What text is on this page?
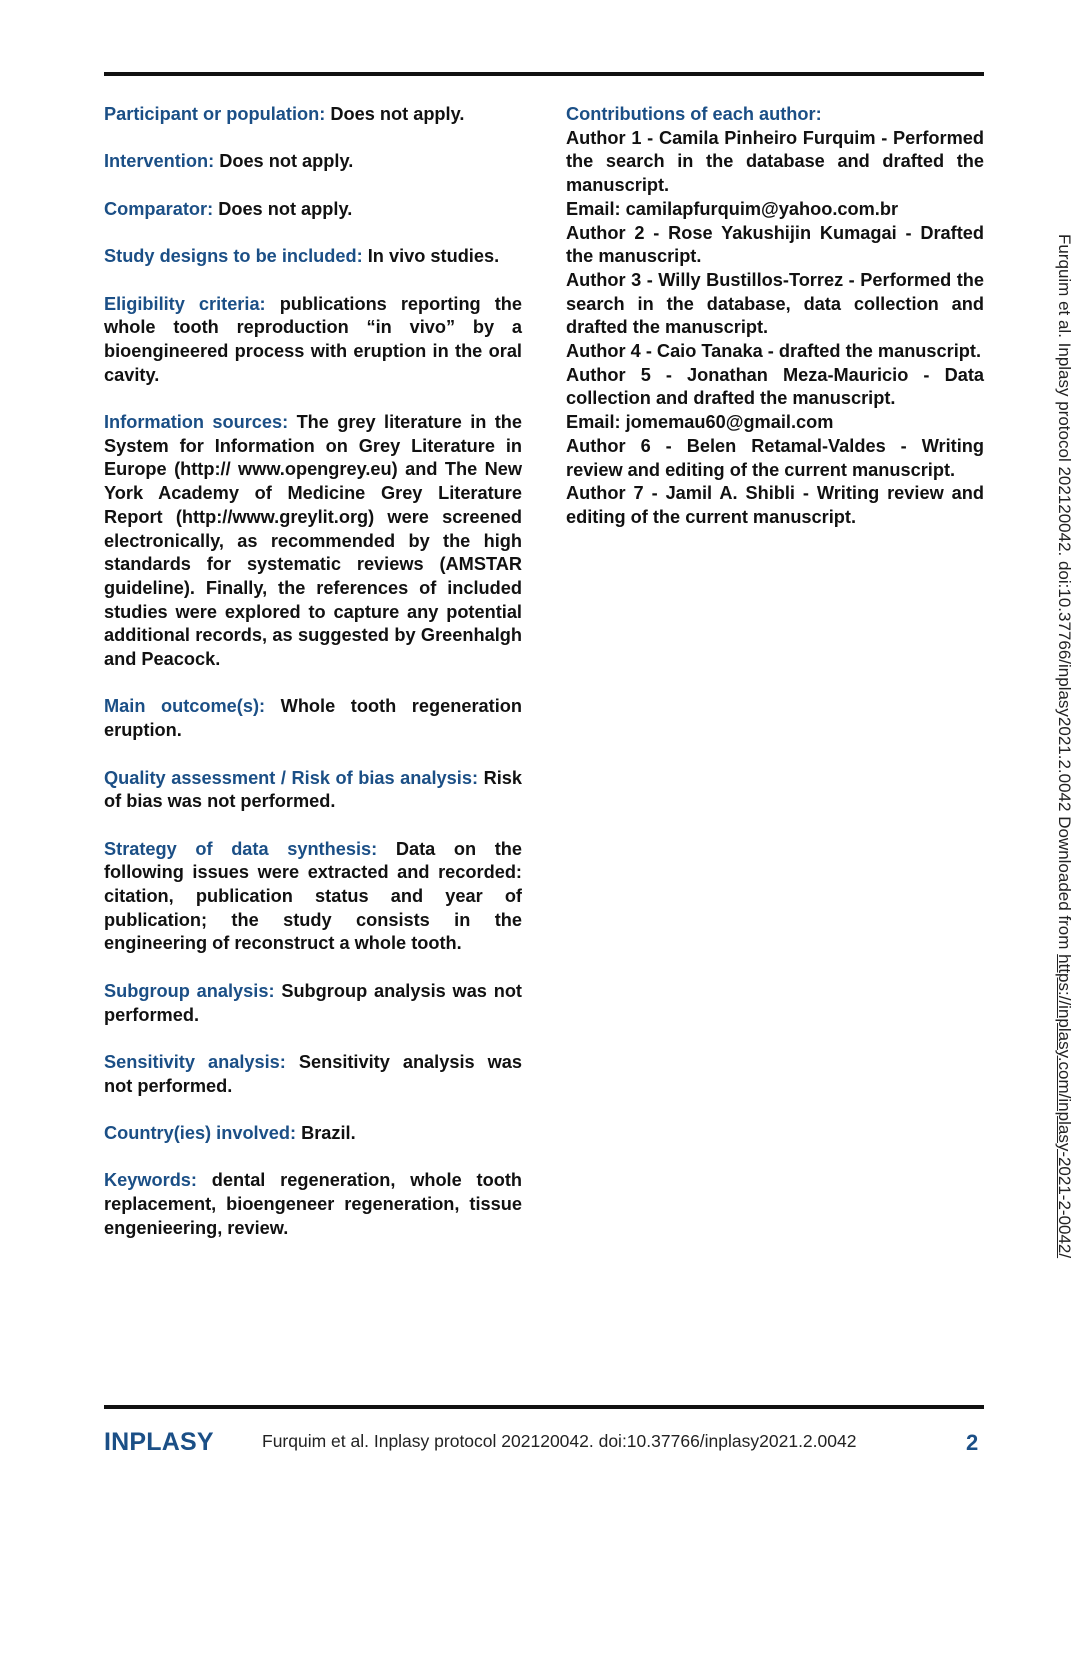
Participant or population: Does not apply.

Intervention: Does not apply.

Comparator: Does not apply.

Study designs to be included: In vivo studies.

Eligibility criteria: publications reporting the whole tooth reproduction “in vivo” by a bioengineered process with eruption in the oral cavity.

Information sources: The grey literature in the System for Information on Grey Literature in Europe (http:// www.opengrey.eu) and The New York Academy of Medicine Grey Literature Report (http://www.greylit.org) were screened electronically, as recommended by the high standards for systematic reviews (AMSTAR guideline). Finally, the references of included studies were explored to capture any potential additional records, as suggested by Greenhalgh and Peacock.

Main outcome(s): Whole tooth regeneration eruption.

Quality assessment / Risk of bias analysis: Risk of bias was not performed.

Strategy of data synthesis: Data on the following issues were extracted and recorded: citation, publication status and year of publication; the study consists in the engineering of reconstruct a whole tooth.

Subgroup analysis: Subgroup analysis was not performed.

Sensitivity analysis: Sensitivity analysis was not performed.

Country(ies) involved: Brazil.

Keywords: dental regeneration, whole tooth replacement, bioengeneer regeneration, tissue engenieering, review.

Contributions of each author:
Author 1 - Camila Pinheiro Furquim - Performed the search in the database and drafted the manuscript.
Email: camilapfurquim@yahoo.com.br
Author 2 - Rose Yakushijin Kumagai - Drafted the manuscript.
Author 3 - Willy Bustillos-Torrez - Performed the search in the database, data collection and drafted the manuscript.
Author 4 - Caio Tanaka - drafted the manuscript.
Author 5 - Jonathan Meza-Mauricio - Data collection and drafted the manuscript.
Email: jomemau60@gmail.com
Author 6 - Belen Retamal-Valdes - Writing review and editing of the current manuscript.
Author 7 - Jamil A. Shibli - Writing review and editing of the current manuscript.	Furquim et al. Inplasy protocol 202120042. doi:10.37766/inplasy2021.2.0042 Downloaded from https://inplasy.com/inplasy-2021-2-0042/
INPLASY	Furquim et al. Inplasy protocol 202120042. doi:10.37766/inplasy2021.2.0042	2
